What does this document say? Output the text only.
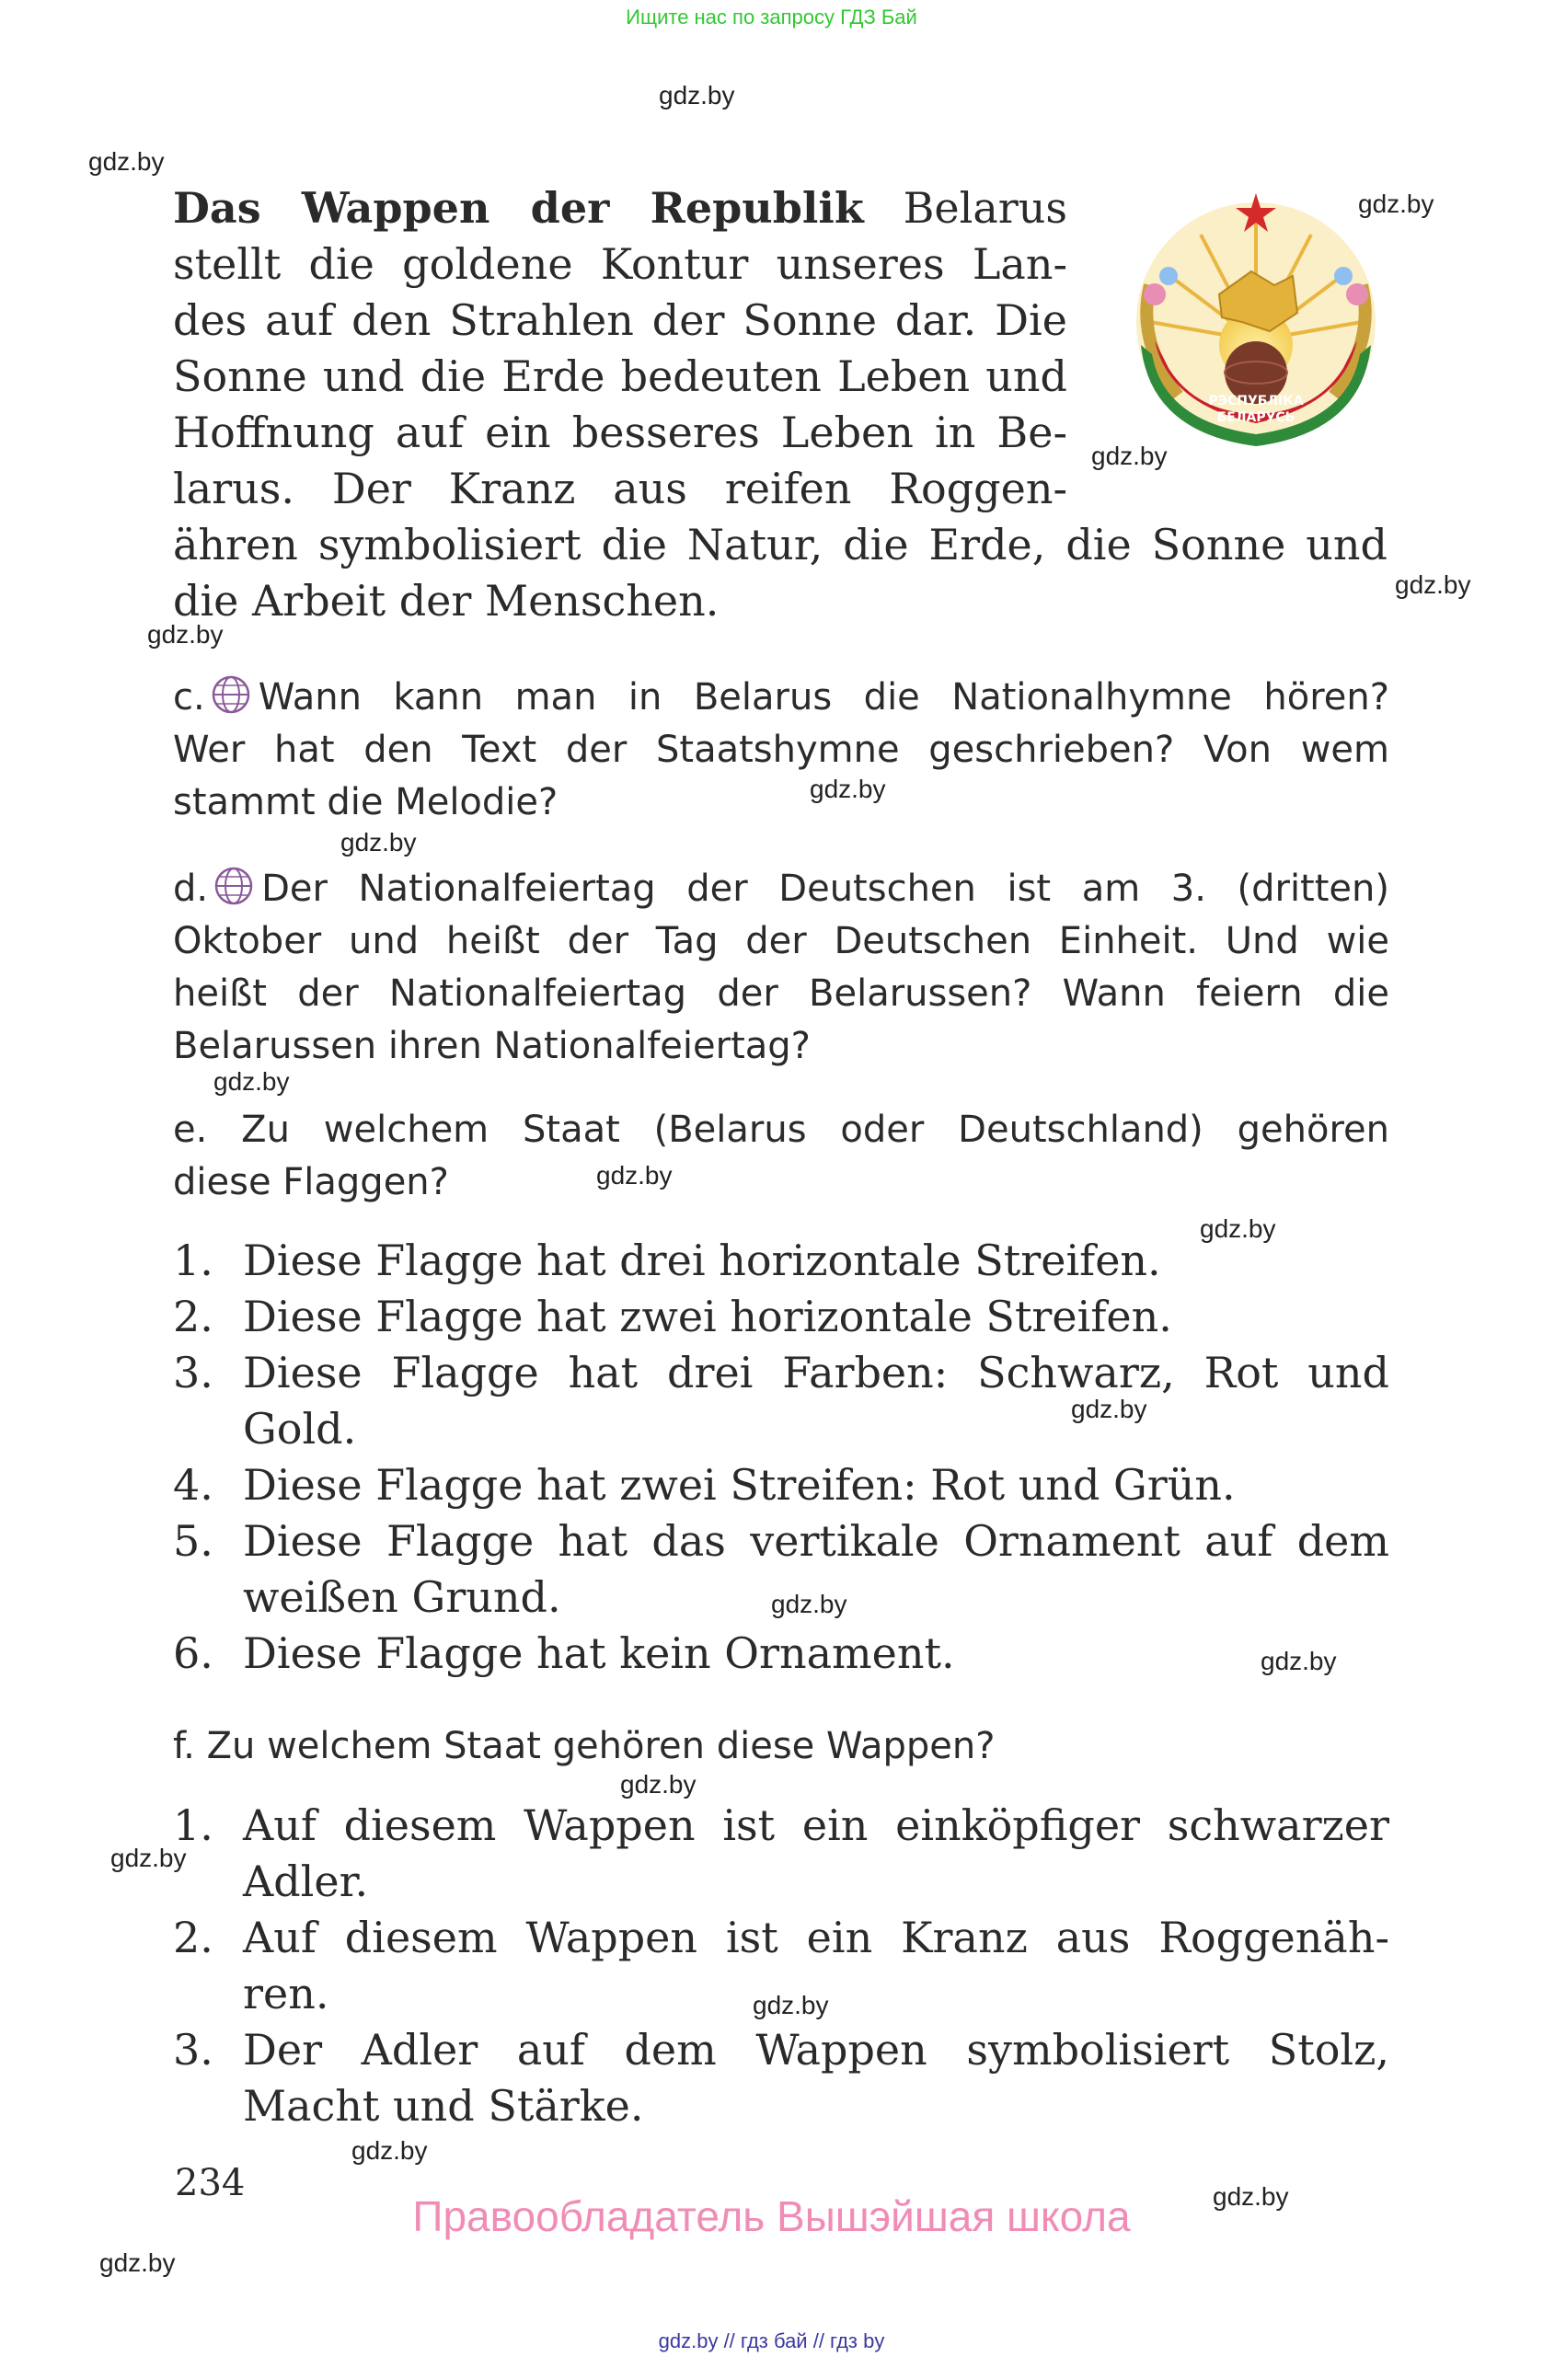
Ищите нас по запросу ГДЗ Бай
gdz.by
gdz.by
gdz.by
gdz.by
gdz.by
gdz.by
gdz.by
gdz.by
gdz.by
gdz.by
gdz.by
gdz.by
gdz.by
gdz.by
gdz.by
gdz.by
gdz.by
gdz.by
gdz.by
gdz.by
Das Wappen der Republik Belarus
stellt die goldene Kontur unseres Lan-
des auf den Strahlen der Sonne dar. Die
Sonne und die Erde bedeuten Leben und
Hoffnung auf ein besseres Leben in Be-
larus. Der Kranz aus reifen Roggen-
ähren symbolisiert die Natur, die Erde, die Sonne und
die Arbeit der Menschen.
РЭСПУБЛІКА
БЕЛАРУСЬ
c. Wann kann man in Belarus die Nationalhymne hören?
Wer hat den Text der Staatshymne geschrieben? Von wem
stammt die Melodie?
d. Der Nationalfeiertag der Deutschen ist am 3. (dritten)
Oktober und heißt der Tag der Deutschen Einheit. Und wie
heißt der Nationalfeiertag der Belarussen? Wann feiern die
Belarussen ihren Nationalfeiertag?
e. Zu welchem Staat (Belarus oder Deutschland) gehören
diese Flaggen?
1. Diese Flagge hat drei horizontale Streifen.
2. Diese Flagge hat zwei horizontale Streifen.
3. Diese Flagge hat drei Farben: Schwarz, Rot und
Gold.
4. Diese Flagge hat zwei Streifen: Rot und Grün.
5. Diese Flagge hat das vertikale Ornament auf dem
weißen Grund.
6. Diese Flagge hat kein Ornament.
f. Zu welchem Staat gehören diese Wappen?
1. Auf diesem Wappen ist ein einköpfiger schwarzer
Adler.
2. Auf diesem Wappen ist ein Kranz aus Roggenäh-
ren.
3. Der Adler auf dem Wappen symbolisiert Stolz,
Macht und Stärke.
234
Правообладатель Вышэйшая школа
gdz.by // гдз бай // гдз by
